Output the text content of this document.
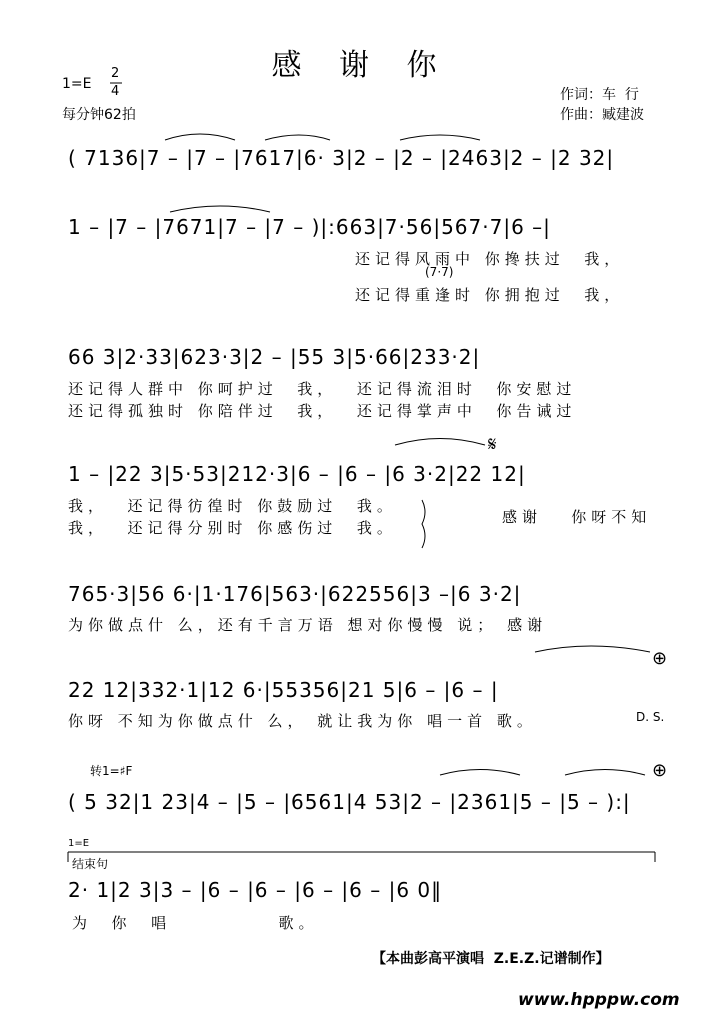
感 谢 你
1=E
2
4
每分钟62拍
作词：车  行
作曲：臧建波
( 7136|7 – |7 – |7617|6· 3|2 – |2 – |2463|2 – |2 32|
1 – |7 – |7671|7 – |7 – )|:663|7·56|567·7|6 –|
还记得风雨中 你搀扶过  我，
(7·7)
还记得重逢时 你拥抱过  我，
66 3|2·33|623·3|2 – |55 3|5·66|233·2|
还记得人群中 你呵护过  我，  还记得流泪时  你安慰过
还记得孤独时 你陪伴过  我，  还记得掌声中  你告诫过
𝄋
1 – |22 3|5·53|212·3|6 – |6 – |6 3·2|22 12|
我，  还记得彷徨时 你鼓励过  我。
我，  还记得分别时 你感伤过  我。
感谢   你呀不知
765·3|56 6·|1·176|563·|622556|3 –|6 3·2|
为你做点什 么，还有千言万语 想对你慢慢 说； 感谢
⊕
22 12|332·1|12 6·|55356|21 5|6 – |6 – |
你呀 不知为你做点什 么， 就让我为你 唱一首 歌。	D. S.
转1=♯F	⊕
( 5 32|1 23|4 – |5 – |6561|4 53|2 – |2361|5 – |5 – ):|
1=E
结束句
2· 1|2 3|3 – |6 – |6 – |6 – |6 – |6 0‖
为  你  唱           歌。
【本曲彭高平演唱  Z.E.Z.记谱制作】
www.hpppw.com
